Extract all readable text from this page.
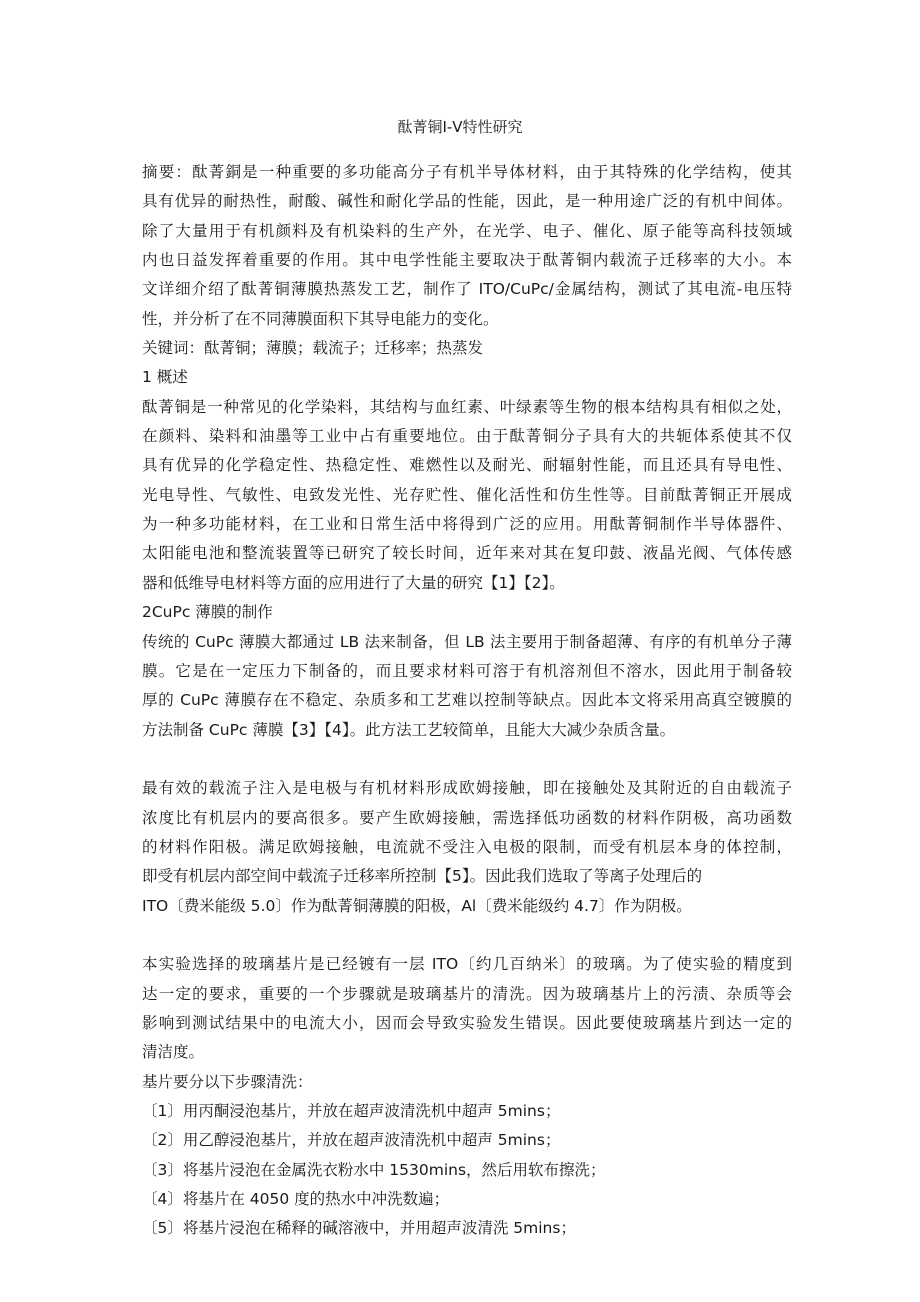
酞菁铜Ⅰ-Ⅴ特性研究
摘要：酞菁銅是一种重要的多功能高分子有机半导体材料，由于其特殊的化学结构，使其
具有优异的耐热性，耐酸、碱性和耐化学品的性能，因此，是一种用途广泛的有机中间体。
除了大量用于有机颜料及有机染料的生产外，在光学、电子、催化、原子能等高科技领域
内也日益发挥着重要的作用。其中电学性能主要取决于酞菁铜内载流子迁移率的大小。本
文详细介绍了酞菁铜薄膜热蒸发工艺，制作了 ITO/CuPc/金属结构，测试了其电流-电压特
性，并分析了在不同薄膜面积下其导电能力的变化。
关键词：酞菁铜；薄膜；载流子；迁移率；热蒸发
1 概述
酞菁铜是一种常见的化学染料，其结构与血红素、叶绿素等生物的根本结构具有相似之处，
在颜料、染料和油墨等工业中占有重要地位。由于酞菁铜分子具有大的共轭体系使其不仅
具有优异的化学稳定性、热稳定性、难燃性以及耐光、耐辐射性能，而且还具有导电性、
光电导性、气敏性、电致发光性、光存贮性、催化活性和仿生性等。目前酞菁铜正开展成
为一种多功能材料，在工业和日常生活中将得到广泛的应用。用酞菁铜制作半导体器件、
太阳能电池和整流装置等已研究了较长时间，近年来对其在复印鼓、液晶光阀、气体传感
器和低维导电材料等方面的应用进行了大量的研究【1】【2】。
2CuPc 薄膜的制作
传统的 CuPc 薄膜大都通过 LB 法来制备，但 LB 法主要用于制备超薄、有序的有机单分子薄
膜。它是在一定压力下制备的，而且要求材料可溶于有机溶剂但不溶水，因此用于制备较
厚的 CuPc 薄膜存在不稳定、杂质多和工艺难以控制等缺点。因此本文将采用高真空镀膜的
方法制备 CuPc 薄膜【3】【4】。此方法工艺较简单，且能大大减少杂质含量。
最有效的载流子注入是电极与有机材料形成欧姆接触，即在接触处及其附近的自由载流子
浓度比有机层内的要高很多。要产生欧姆接触，需选择低功函数的材料作阴极，高功函数
的材料作阳极。满足欧姆接触，电流就不受注入电极的限制，而受有机层本身的体控制，
即受有机层内部空间中载流子迁移率所控制【5】。因此我们选取了等离子处理后的
ITO〔费米能级 5.0〕作为酞菁铜薄膜的阳极，Al〔费米能级约 4.7〕作为阴极。
本实验选择的玻璃基片是已经镀有一层 ITO〔约几百纳米〕的玻璃。为了使实验的精度到
达一定的要求，重要的一个步骤就是玻璃基片的清洗。因为玻璃基片上的污渍、杂质等会
影响到测试结果中的电流大小，因而会导致实验发生错误。因此要使玻璃基片到达一定的
清洁度。
基片要分以下步骤清洗：
〔1〕用丙酮浸泡基片，并放在超声波清洗机中超声 5mins；
〔2〕用乙醇浸泡基片，并放在超声波清洗机中超声 5mins；
〔3〕将基片浸泡在金属洗衣粉水中 1530mins，然后用软布擦洗；
〔4〕将基片在 4050 度的热水中冲洗数遍；
〔5〕将基片浸泡在稀释的碱溶液中，并用超声波清洗 5mins；
